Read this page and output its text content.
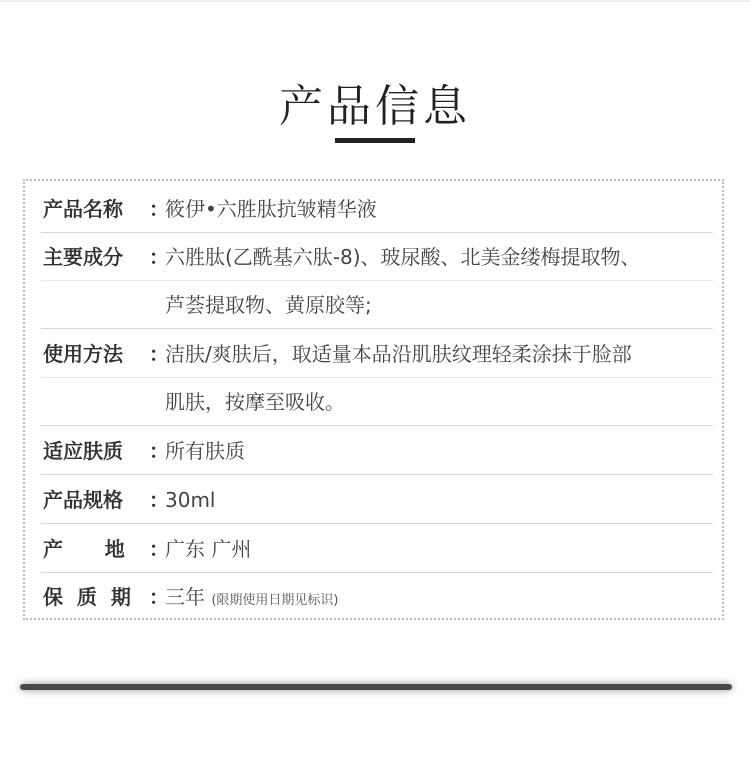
产品信息
产品名称 ：
筱伊•六胜肽抗皱精华液
主要成分 ：
六胜肽(乙酰基六肽-8)、玻尿酸、北美金缕梅提取物、
芦荟提取物、黄原胶等;
使用方法 ：
洁肤/爽肤后，取适量本品沿肌肤纹理轻柔涂抹于脸部
肌肤，按摩至吸收。
适应肤质 ：
所有肤质
产品规格 ：
30ml
产      地 ：
广东 广州
保  质  期 ：
三年 (限期使用日期见标识)
